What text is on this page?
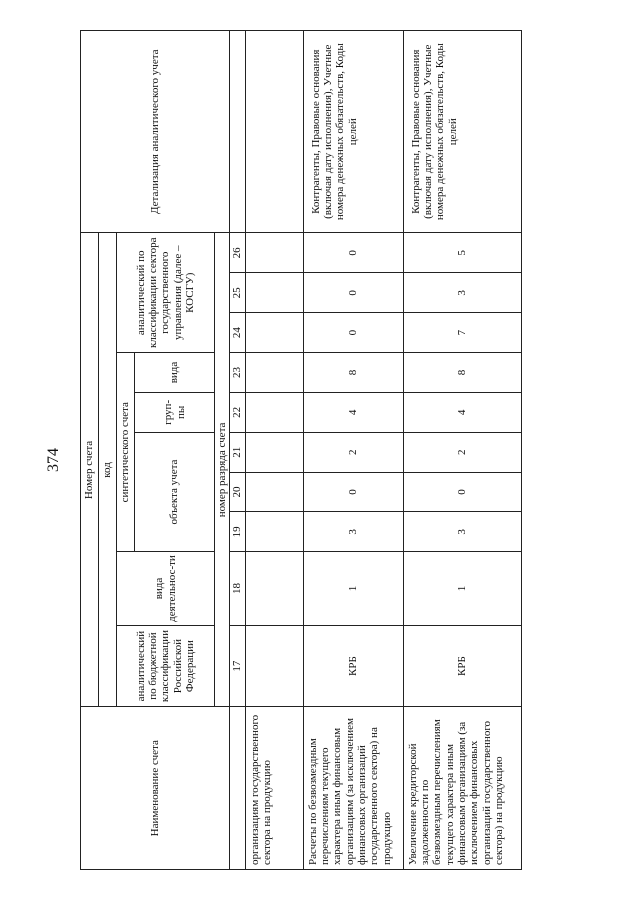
374
Наименование счета	Номер счета										Детализация аналитического учета
	код										
	аналитический по бюджетной классификации Российской Федерации	вида деятельнос-ти	синтетического счета					аналитический по классификации сектора государственного управления (далее – КОСГУ)			
			объекта учета			груп-пы	вида				
	номер разряда счета										
	17	18	19	20	21	22	23	24	25	26	
организациям государственного сектора на продукцию											
Расчеты по безвозмездным перечислениям текущего характера иным финансовым организациям (за исключением финансовых организаций государственного сектора) на продукцию	КРБ	1	3	0	2	4	8	0	0	0	Контрагенты, Правовые основания (включая дату исполнения), Учетные номера денежных обязательств, Коды целей
Увеличение кредиторской задолженности по безвозмездным перечислениям текущего характера иным финансовым организациям (за исключением финансовых организаций государственного сектора) на продукцию	КРБ	1	3	0	2	4	8	7	3	5	Контрагенты, Правовые основания (включая дату исполнения), Учетные номера денежных обязательств, Коды целей
